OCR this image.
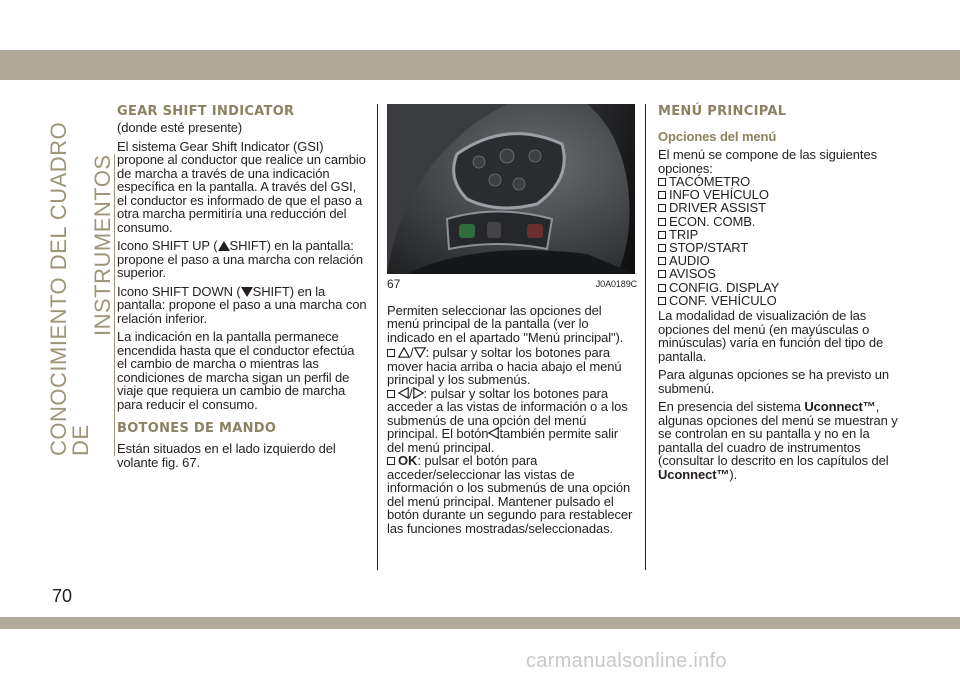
CONOCIMIENTO DEL CUADRO DE
INSTRUMENTOS
70
GEAR SHIFT INDICATOR

(donde esté presente)

El sistema Gear Shift Indicator (GSI) propone al conductor que realice un cambio de marcha a través de una indicación específica en la pantalla. A través del GSI, el conductor es informado de que el paso a otra marcha permitiría una reducción del consumo.

Icono SHIFT UP ( SHIFT) en la pantalla: propone el paso a una marcha con relación superior.

Icono SHIFT DOWN ( SHIFT) en la pantalla: propone el paso a una marcha con relación inferior.

La indicación en la pantalla permanece encendida hasta que el conductor efectúa el cambio de marcha o mientras las condiciones de marcha sigan un perfil de viaje que requiera un cambio de marcha para reducir el consumo.

BOTONES DE MANDO

Están situados en el lado izquierdo del volante fig. 67.

67	J0A0189C

Permiten seleccionar las opciones del menú principal de la pantalla (ver lo indicado en el apartado "Menú principal").

/ : pulsar y soltar los botones para mover hacia arriba o hacia abajo el menú principal y los submenús.
/ : pulsar y soltar los botones para acceder a las vistas de información o a los submenús de una opción del menú principal. El botón también permite salir del menú principal.
OK: pulsar el botón para acceder/seleccionar las vistas de información o los submenús de una opción del menú principal. Mantener pulsado el botón durante un segundo para restablecer las funciones mostradas/seleccionadas.
MENÚ PRINCIPAL
Opciones del menú

El menú se compone de las siguientes opciones:

TACÓMETRO
INFO VEHÍCULO
DRIVER ASSIST
ECON. COMB.
TRIP
STOP/START
AUDIO
AVISOS
CONFIG. DISPLAY
CONF. VEHÍCULO

La modalidad de visualización de las opciones del menú (en mayúsculas o minúsculas) varía en función del tipo de pantalla.

Para algunas opciones se ha previsto un submenú.

En presencia del sistema Uconnect™, algunas opciones del menú se muestran y se controlan en su pantalla y no en la pantalla del cuadro de instrumentos (consultar lo descrito en los capítulos del Uconnect™).

carmanualsonline.info
